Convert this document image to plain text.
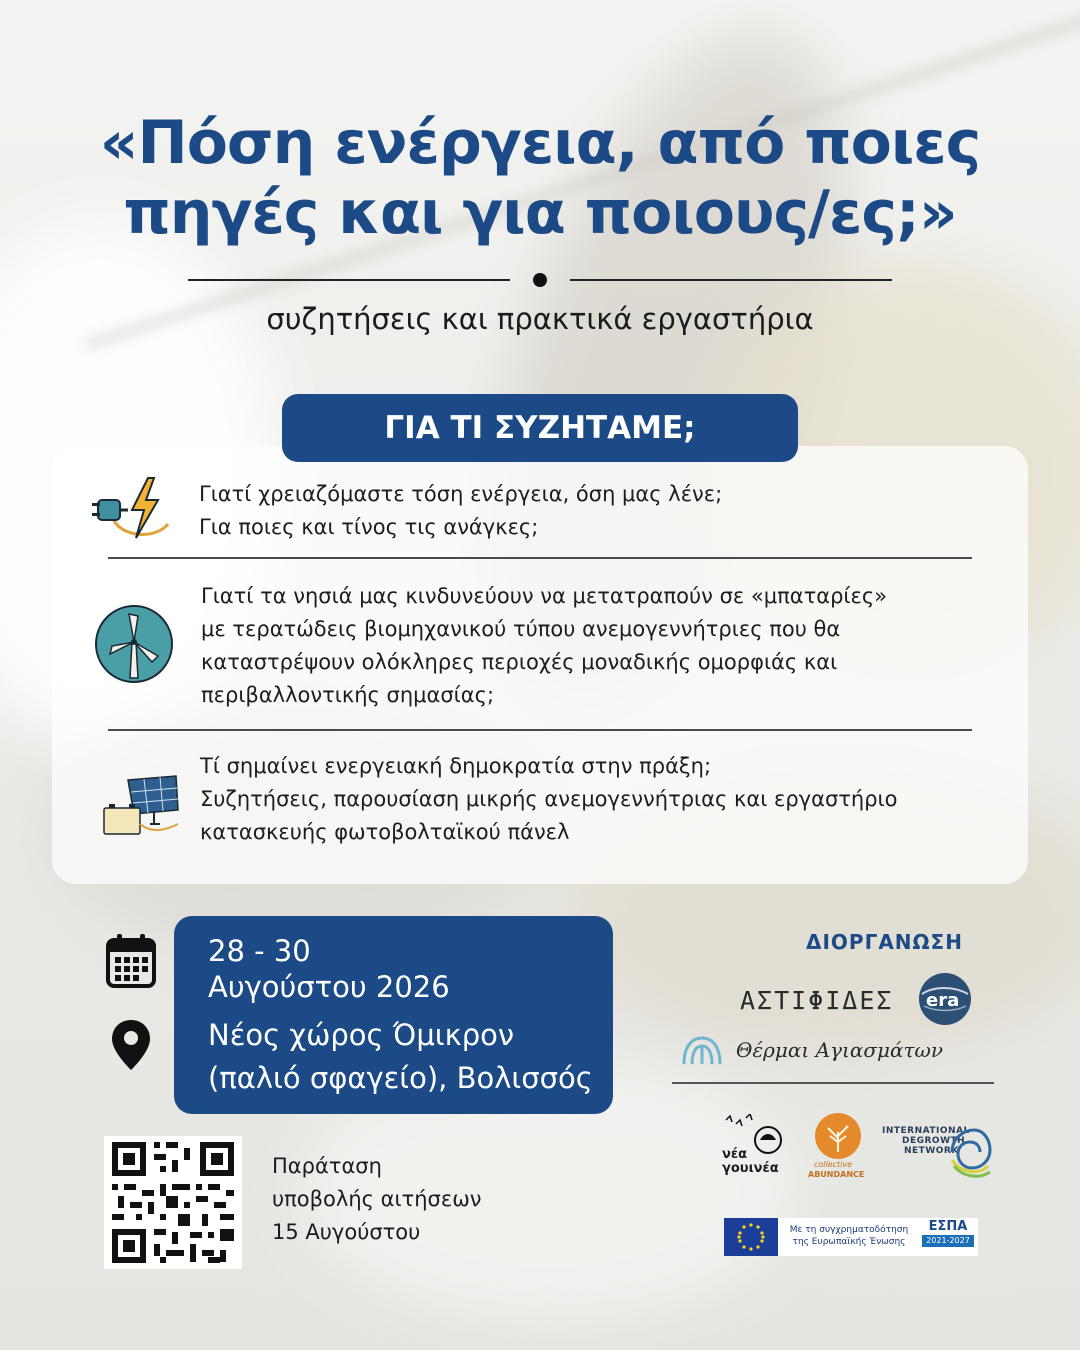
«Πόση ενέργεια, από ποιες
πηγές και για ποιους/ες;»

συζητήσεις και πρακτικά εργαστήρια

ΓΙΑ ΤΙ ΣΥΖΗΤΑΜΕ;

Γιατί χρειαζόμαστε τόση ενέργεια, όση μας λένε;
Για ποιες και τίνος τις ανάγκες;

Γιατί τα νησιά μας κινδυνεύουν να μετατραπούν σε «μπαταρίες»
με τερατώδεις βιομηχανικού τύπου ανεμογεννήτριες που θα
καταστρέψουν ολόκληρες περιοχές μοναδικής ομορφιάς και
περιβαλλοντικής σημασίας;

Τί σημαίνει ενεργειακή δημοκρατία στην πράξη;
Συζητήσεις, παρουσίαση μικρής ανεμογεννήτριας και εργαστήριο
κατασκευής φωτοβολταϊκού πάνελ

28 - 30

Αυγούστου 2026

Νέος χώρος Όμικρον

(παλιό σφαγείο), Βολισσός

Παράταση
υποβολής αιτήσεων
15 Αυγούστου

ΔΙΟΡΓΑΝΩΣΗ
ΑΣΤΙΦΙΔΕΣ era
Θέρμαι Αγιασμάτων
νέα
γουινέα	collective
ABUNDANCE
INTERNATIONAL
DEGROWTH
NETWORK
Με τη συγχρηματοδότηση
της Ευρωπαϊκής Ένωσης
ΕΣΠΑ
2021-2027
